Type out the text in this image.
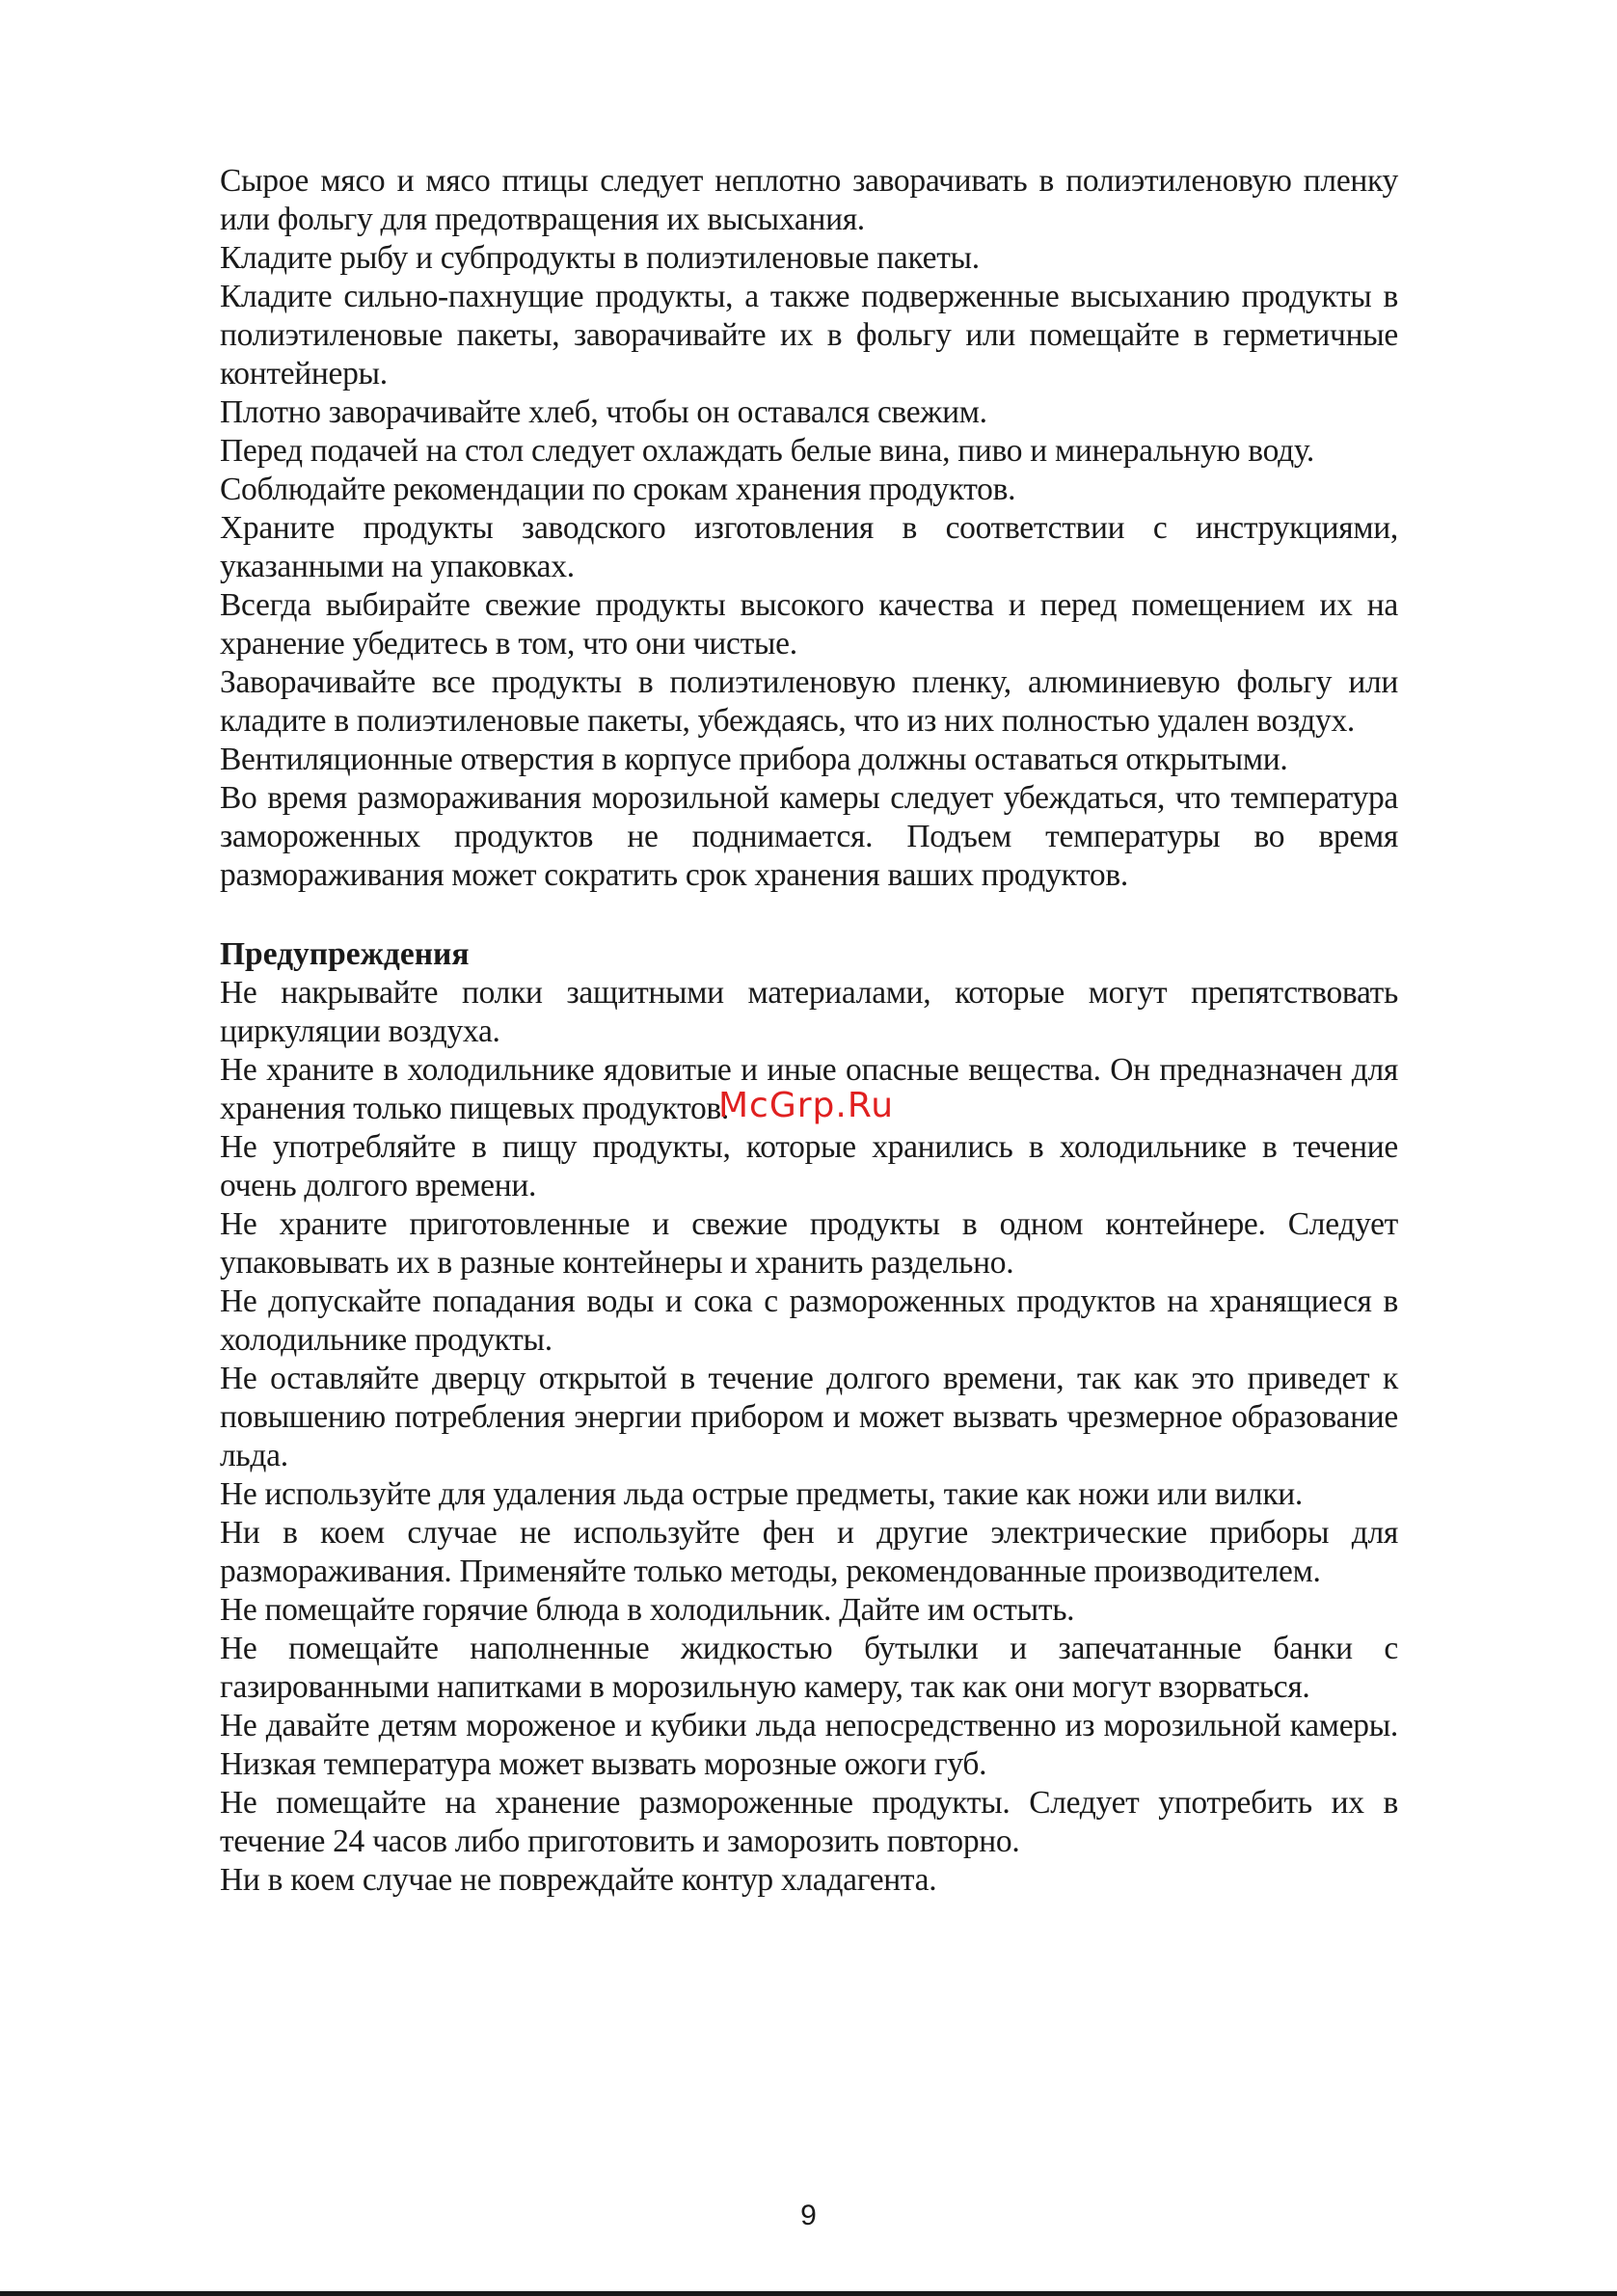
Сырое мясо и мясо птицы следует неплотно заворачивать в полиэтиленовую пленку или фольгу для предотвращения их высыхания.

Кладите рыбу и субпродукты в полиэтиленовые пакеты.

Кладите сильно-пахнущие продукты, а также подверженные высыханию продукты в полиэтиленовые пакеты, заворачивайте их в фольгу или помещайте в герметичные контейнеры.

Плотно заворачивайте хлеб, чтобы он оставался свежим.

Перед подачей на стол следует охлаждать белые вина, пиво и минеральную воду.

Соблюдайте рекомендации по срокам хранения продуктов.

Храните продукты заводского изготовления в соответствии с инструкциями, указанными на упаковках.

Всегда выбирайте свежие продукты высокого качества и перед помещением их на хранение убедитесь в том, что они чистые.

Заворачивайте все продукты в полиэтиленовую пленку, алюминиевую фольгу или кладите в полиэтиленовые пакеты, убеждаясь, что из них полностью удален воздух.

Вентиляционные отверстия в корпусе прибора должны оставаться открытыми.

Во время размораживания морозильной камеры следует убеждаться, что температура замороженных продуктов не поднимается. Подъем температуры во время размораживания может сократить срок хранения ваших продуктов.

Предупреждения

Не накрывайте полки защитными материалами, которые могут препятствовать циркуляции воздуха.

Не храните в холодильнике ядовитые и иные опасные вещества. Он предназначен для хранения только пищевых продуктов.

Не употребляйте в пищу продукты, которые хранились в холодильнике в течение очень долгого времени.

Не храните приготовленные и свежие продукты в одном контейнере. Следует упаковывать их в разные контейнеры и хранить раздельно.

Не допускайте попадания воды и сока с размороженных продуктов на хранящиеся в холодильнике продукты.

Не оставляйте дверцу открытой в течение долгого времени, так как это приведет к повышению потребления энергии прибором и может вызвать чрезмерное образование льда.

Не используйте для удаления льда острые предметы, такие как ножи или вилки.

Ни в коем случае не используйте фен и другие электрические приборы для размораживания. Применяйте только методы, рекомендованные производителем.

Не помещайте горячие блюда в холодильник. Дайте им остыть.

Не помещайте наполненные жидкостью бутылки и запечатанные банки с газированными напитками в морозильную камеру, так как они могут взорваться.

Не давайте детям мороженое и кубики льда непосредственно из морозильной камеры. Низкая температура может вызвать морозные ожоги губ.

Не помещайте на хранение размороженные продукты. Следует употребить их в течение 24 часов либо приготовить и заморозить повторно.

Ни в коем случае не повреждайте контур хладагента.

McGrp.Ru
9
